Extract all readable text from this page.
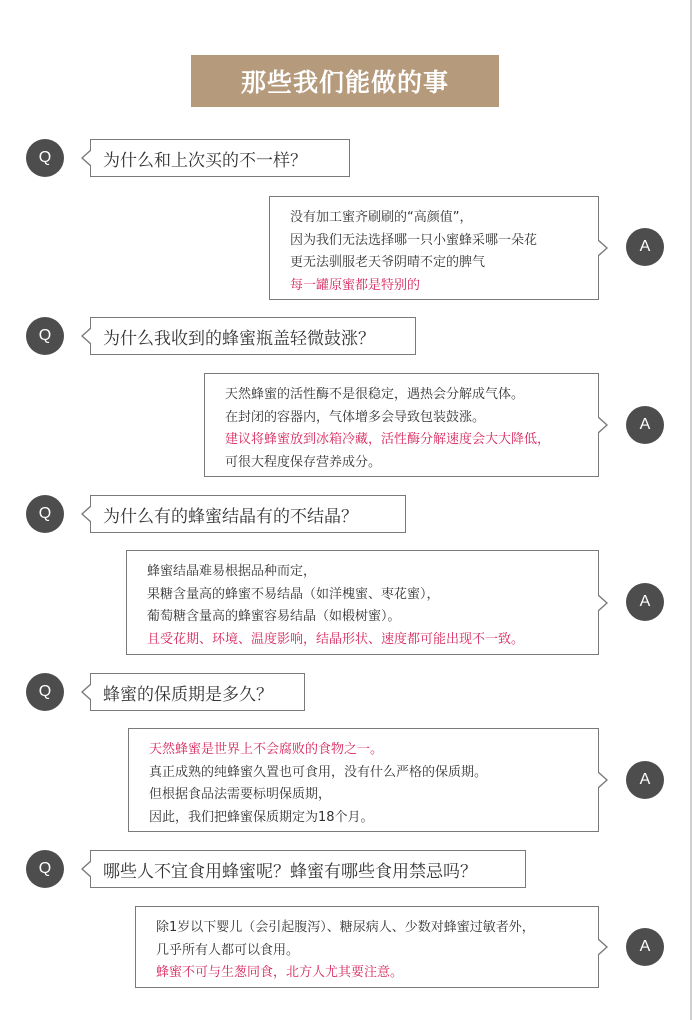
那些我们能做的事
Q	为什么和上次买的不一样？
没有加工蜜齐刷刷的“高颜值”，
因为我们无法选择哪一只小蜜蜂采哪一朵花
更无法驯服老天爷阴晴不定的脾气
每一罐原蜜都是特别的
A
Q	为什么我收到的蜂蜜瓶盖轻微鼓涨？
天然蜂蜜的活性酶不是很稳定，遇热会分解成气体。
在封闭的容器内，气体增多会导致包装鼓涨。
建议将蜂蜜放到冰箱冷藏，活性酶分解速度会大大降低，
可很大程度保存营养成分。
A
Q	为什么有的蜂蜜结晶有的不结晶？
蜂蜜结晶难易根据品种而定，
果糖含量高的蜂蜜不易结晶（如洋槐蜜、枣花蜜），
葡萄糖含量高的蜂蜜容易结晶（如椴树蜜）。
且受花期、环境、温度影响，结晶形状、速度都可能出现不一致。
A
Q	蜂蜜的保质期是多久？
天然蜂蜜是世界上不会腐败的食物之一。
真正成熟的纯蜂蜜久置也可食用，没有什么严格的保质期。
但根据食品法需要标明保质期，
因此，我们把蜂蜜保质期定为18个月。
A
Q	哪些人不宜食用蜂蜜呢？蜂蜜有哪些食用禁忌吗？
除1岁以下婴儿（会引起腹泻）、糖尿病人、少数对蜂蜜过敏者外，
几乎所有人都可以食用。
蜂蜜不可与生葱同食，北方人尤其要注意。
A
